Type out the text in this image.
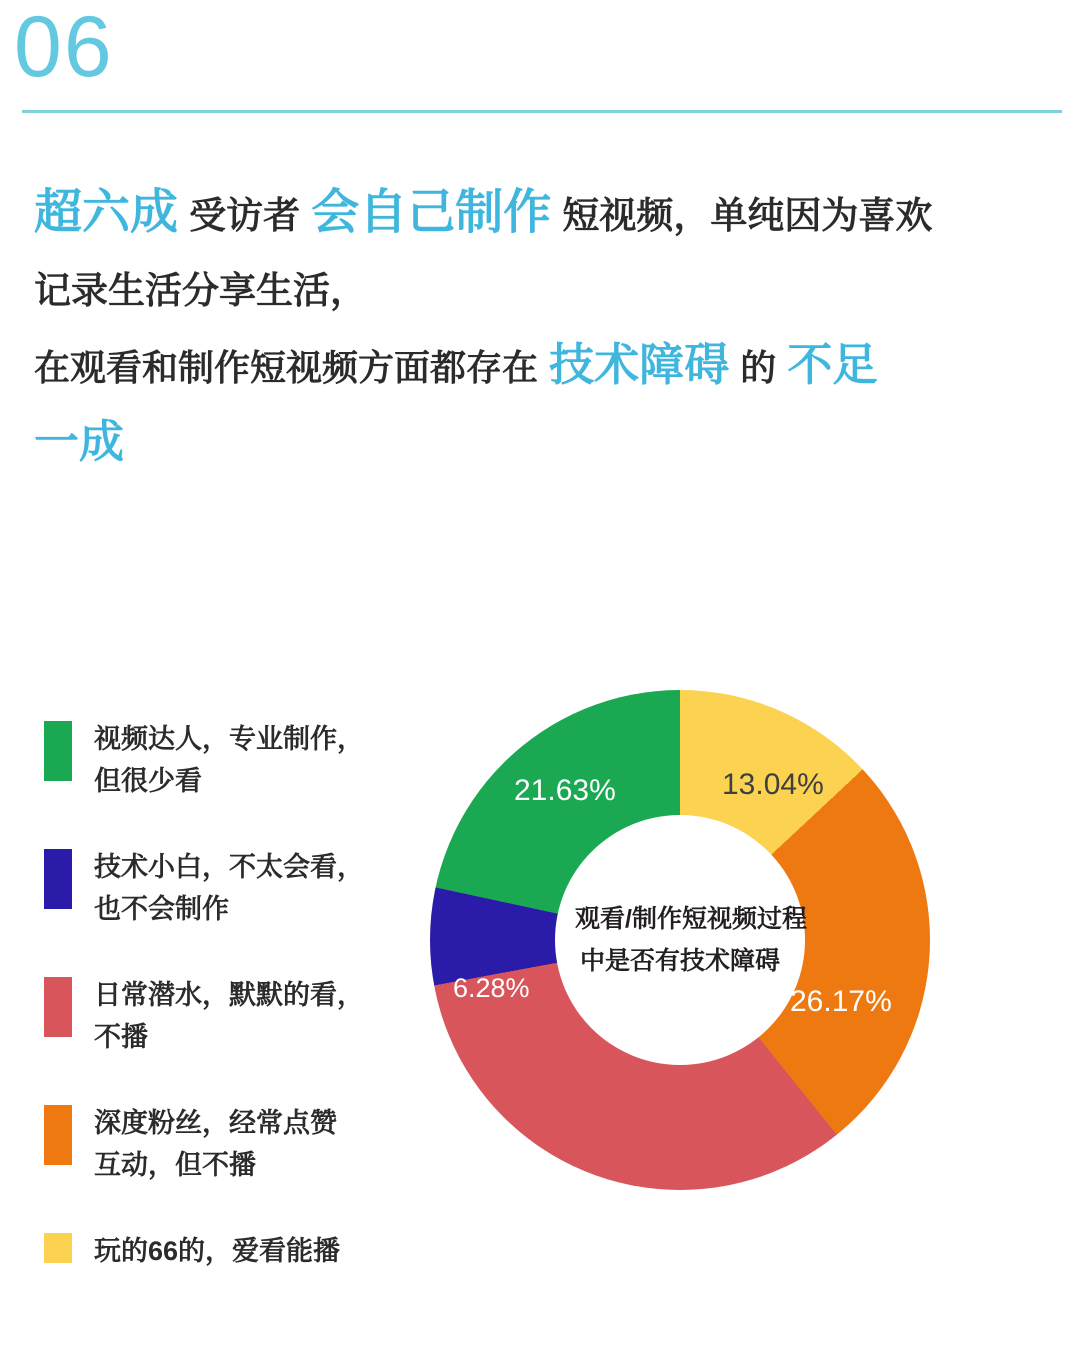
06
超六成 受访者 会自己制作 短视频，单纯因为喜欢
记录生活分享生活，
在观看和制作短视频方面都存在 技术障碍 的 不足
一成
视频达人，专业制作，
但很少看
技术小白，不太会看，
也不会制作
日常潜水，默默的看，
不播
深度粉丝，经常点赞
互动，但不播
玩的66的，爱看能播
观看/制作短视频过程
中是否有技术障碍
13.04%
26.17%
32.88%
6.28%
21.63%
